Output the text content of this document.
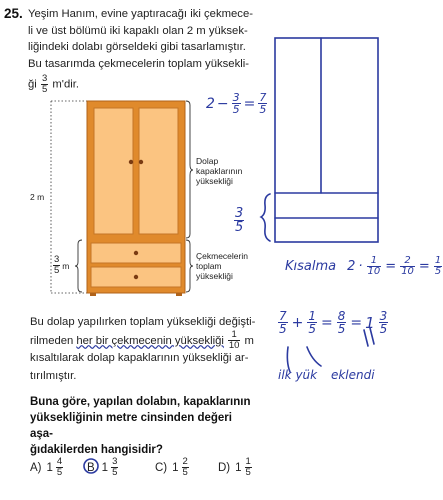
25. Yeşim Hanım, evine yaptıracağı iki çekmece-
li ve üst bölümü iki kapaklı olan 2 m yüksek-
liğindeki dolabı görseldeki gibi tasarlamıştır.
Bu tasarımda çekmecelerin toplam yüksekli-
ği $\frac{3}{5} m'dir$.
2 m
Dolap
kapaklarının
yüksekliği
Çekmecelerin
toplam
yüksekliği
$\frac{3}{5}$ m
$2 - \frac{3}{5} = \frac{7}{5}$
$\frac{3}{5}$
Kısalma $2 \cdot \frac{1}{10} = \frac{2}{10} = \frac{1}{5}$
$\frac{7}{5} + \frac{1}{5} = \frac{8}{5} = 1 \frac{3}{5}$
ilk yük eklendi
Bu dolap yapılırken toplam yüksekliği değişti-
rilmeden her bir çekmecenin yüksekliği $\frac{1}{10}$ m
kısaltılarak dolap kapaklarının yüksekliği ar-
tırılmıştır.
Buna göre, yapılan dolabın, kapaklarının
yüksekliğinin metre cinsinden değeri aşa-
ğıdakilerden hangisidir?
A) $1 \frac{4}{5}$ B $1 \frac{3}{5}$	C) $1 \frac{2}{5}$	D) $1 \frac{1}{5}$
